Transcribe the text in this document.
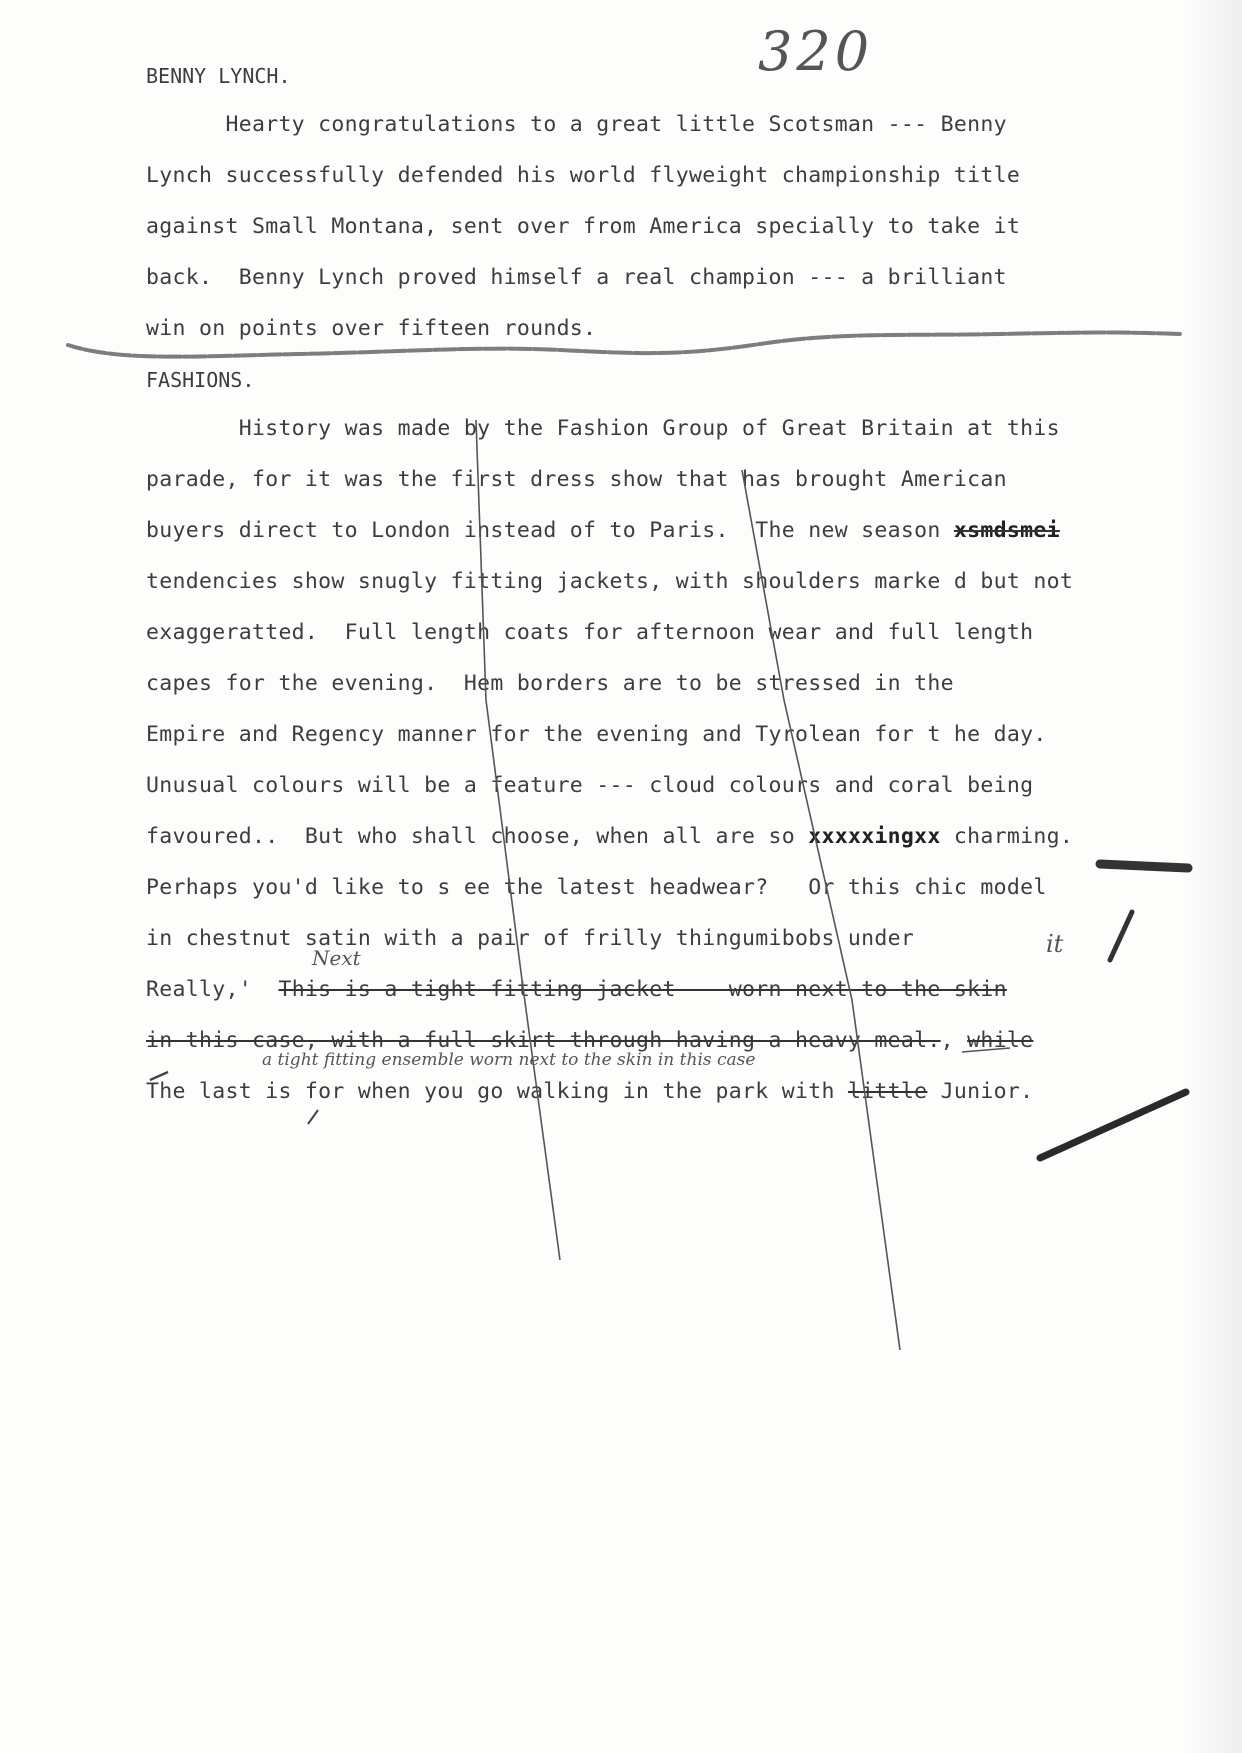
320
BENNY LYNCH.
Hearty congratulations to a great little Scotsman --- Benny
Lynch successfully defended his world flyweight championship title
against Small Montana, sent over from America specially to take it
back.  Benny Lynch proved himself a real champion --- a brilliant
win on points over fifteen rounds.
FASHIONS.
History was made by the Fashion Group of Great Britain at this
parade, for it was the first dress show that has brought American
buyers direct to London instead of to Paris.  The new season xsmdsmei
tendencies show snugly fitting jackets, with shoulders marke d but not
exaggeratted.  Full length coats for afternoon wear and full length
capes for the evening.  Hem borders are to be stressed in the
Empire and Regency manner for the evening and Tyrolean for t he day.
Unusual colours will be a feature --- cloud colours and coral being
favoured..  But who shall choose, when all are so xxxxxingxx charming.
Perhaps you'd like to s ee the latest headwear?   Or this chic model
in chestnut satin with a pair of frilly thingumibobs under
Really,' This is a tight-fitting jacket -- worn next to the skin
in this case, with a full skirt through having a heavy meal., while
The last is for when you go walking in the park with little Junior.
Next
a tight fitting ensemble worn next to the skin in this case
it
